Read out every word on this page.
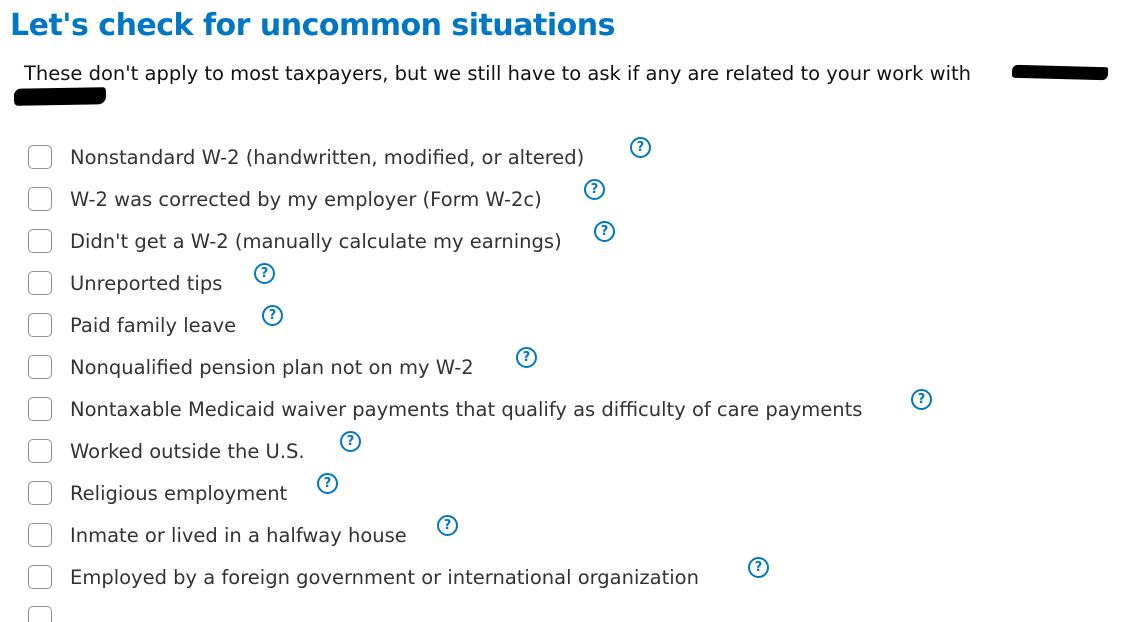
Let's check for uncommon situations

These don't apply to most taxpayers, but we still have to ask if any are related to your work with

Nonstandard W-2 (handwritten, modified, or altered)	?
W-2 was corrected by my employer (Form W-2c)	?
Didn't get a W-2 (manually calculate my earnings)	?
Unreported tips	?
Paid family leave	?
Nonqualified pension plan not on my W-2	?
Nontaxable Medicaid waiver payments that qualify as difficulty of care payments	?
Worked outside the U.S.	?
Religious employment	?
Inmate or lived in a halfway house	?
Employed by a foreign government or international organization	?
